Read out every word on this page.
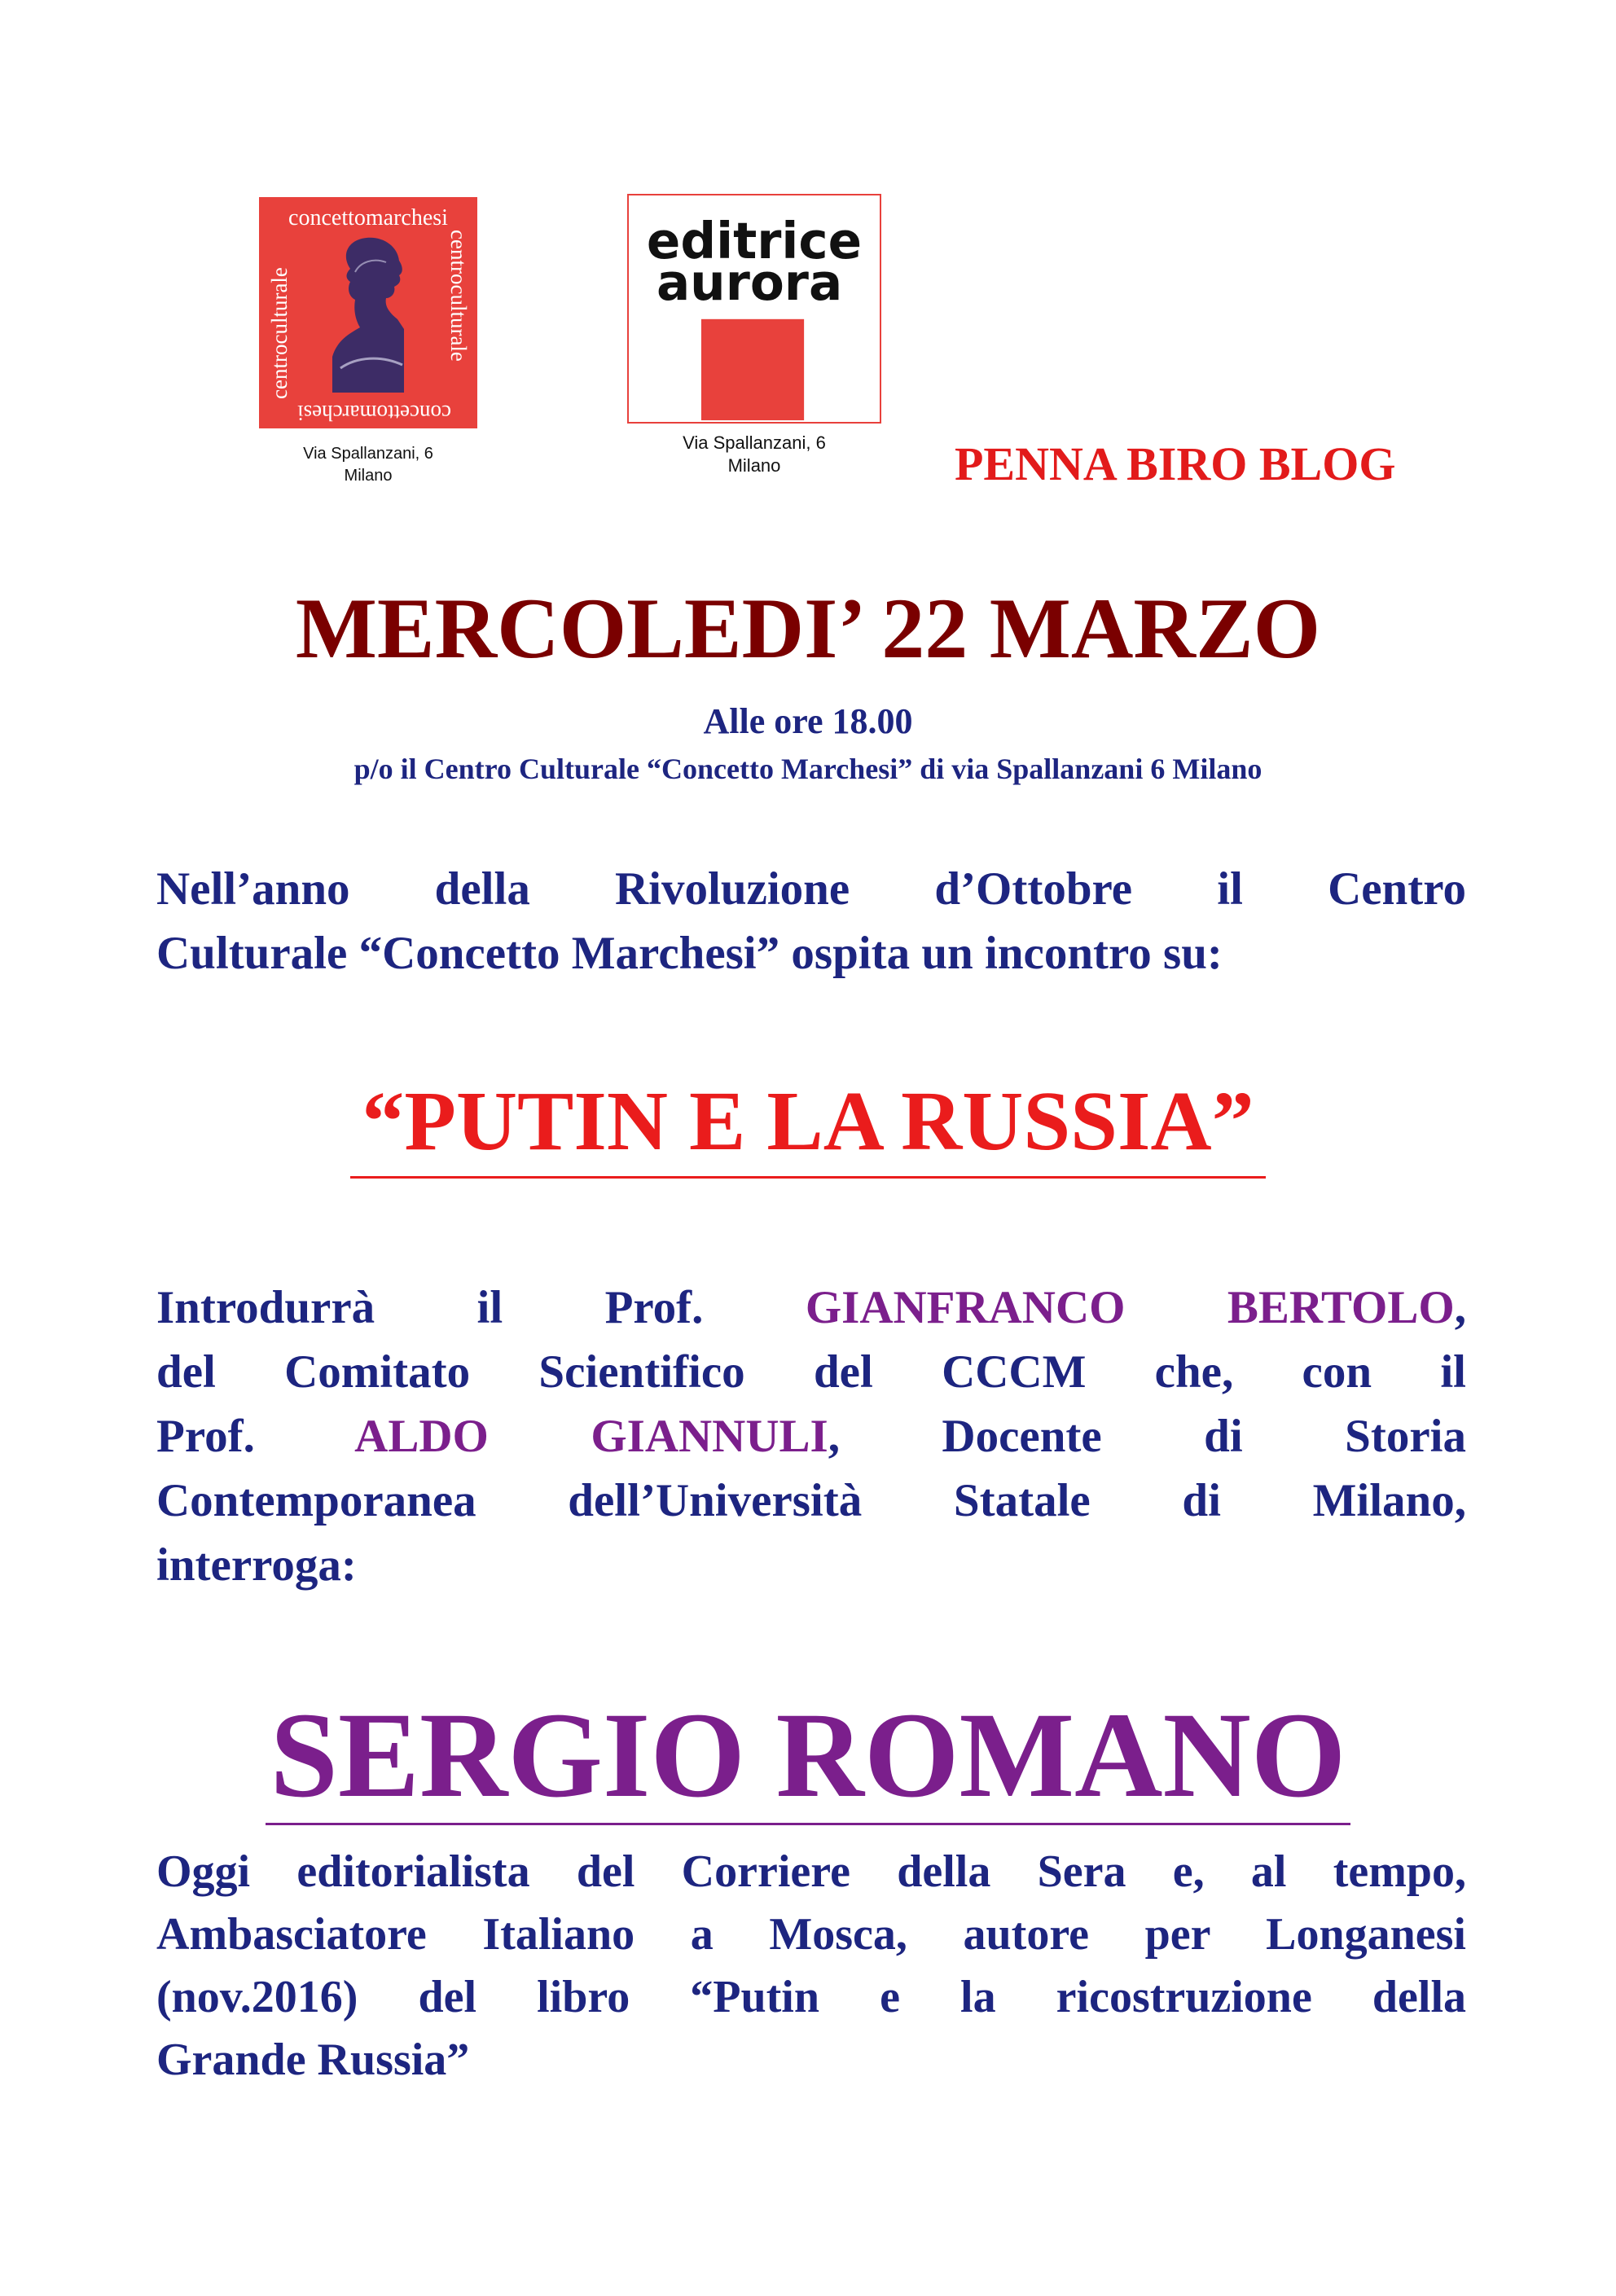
concettomarchesi
centroculturale
concettomarchesi
centroculturale
Via Spallanzani, 6
Milano
editrice
aurora
Via Spallanzani, 6
Milano	PENNA BIRO BLOG
MERCOLEDI’ 22 MARZO
Alle ore 18.00
p/o il Centro Culturale “Concetto Marchesi” di via Spallanzani 6 Milano
Nell’anno della Rivoluzione d’Ottobre il Centro
Culturale “Concetto Marchesi” ospita un incontro su:
“PUTIN E LA RUSSIA”
Introdurrà il Prof. GIANFRANCO BERTOLO,
del Comitato Scientifico del CCCM che, con il
Prof. ALDO GIANNULI, Docente di Storia
Contemporanea dell’Università Statale di Milano,
interroga:
SERGIO ROMANO
Oggi editorialista del Corriere della Sera e, al tempo,
Ambasciatore Italiano a Mosca, autore per Longanesi
(nov.2016) del libro “Putin e la ricostruzione della
Grande Russia”
